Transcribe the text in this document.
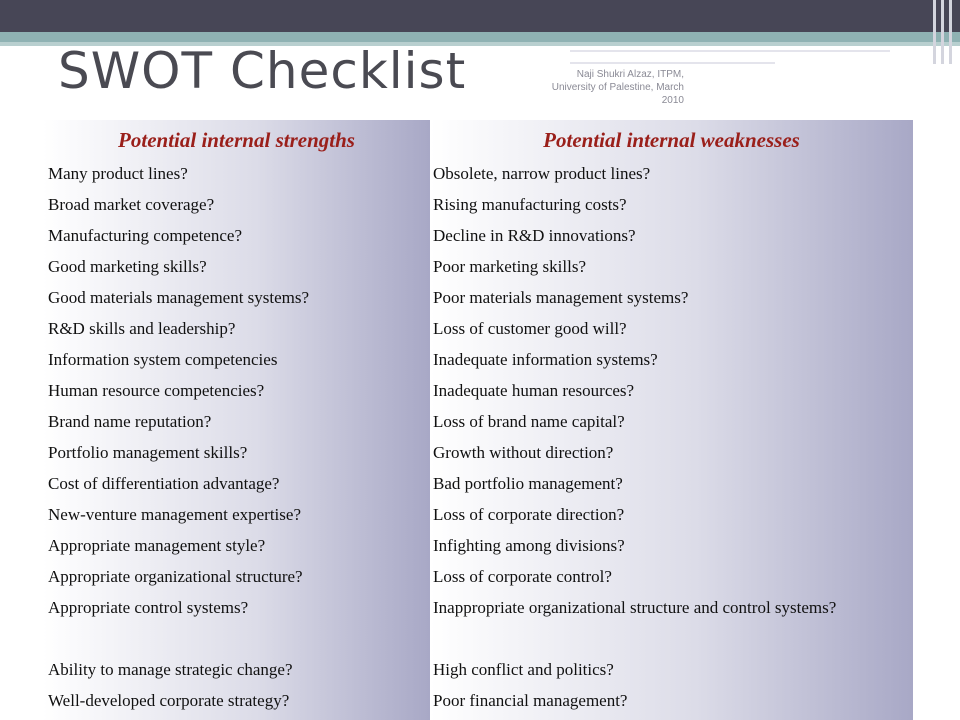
SWOT Checklist	Naji Shukri Alzaz, ITPM, University of Palestine, March 2010
Potential internal strengths
Many product lines?
Broad market coverage?
Manufacturing competence?
Good marketing skills?
Good materials management systems?
R&D skills and leadership?
Information system competencies
Human resource competencies?
Brand name reputation?
Portfolio management skills?
Cost of differentiation advantage?
New-venture management expertise?
Appropriate management style?
Appropriate organizational structure?
Appropriate control systems?
Ability to manage strategic change?
Well-developed corporate strategy?
Potential internal weaknesses
Obsolete, narrow product lines?
Rising manufacturing costs?
Decline in R&D innovations?
Poor marketing skills?
Poor materials management systems?
Loss of customer good will?
Inadequate information systems?
Inadequate human resources?
Loss of brand name capital?
Growth without direction?
Bad portfolio management?
Loss of corporate direction?
Infighting among divisions?
Loss of corporate control?
Inappropriate organizational structure and control systems?
High conflict and politics?
Poor financial management?
